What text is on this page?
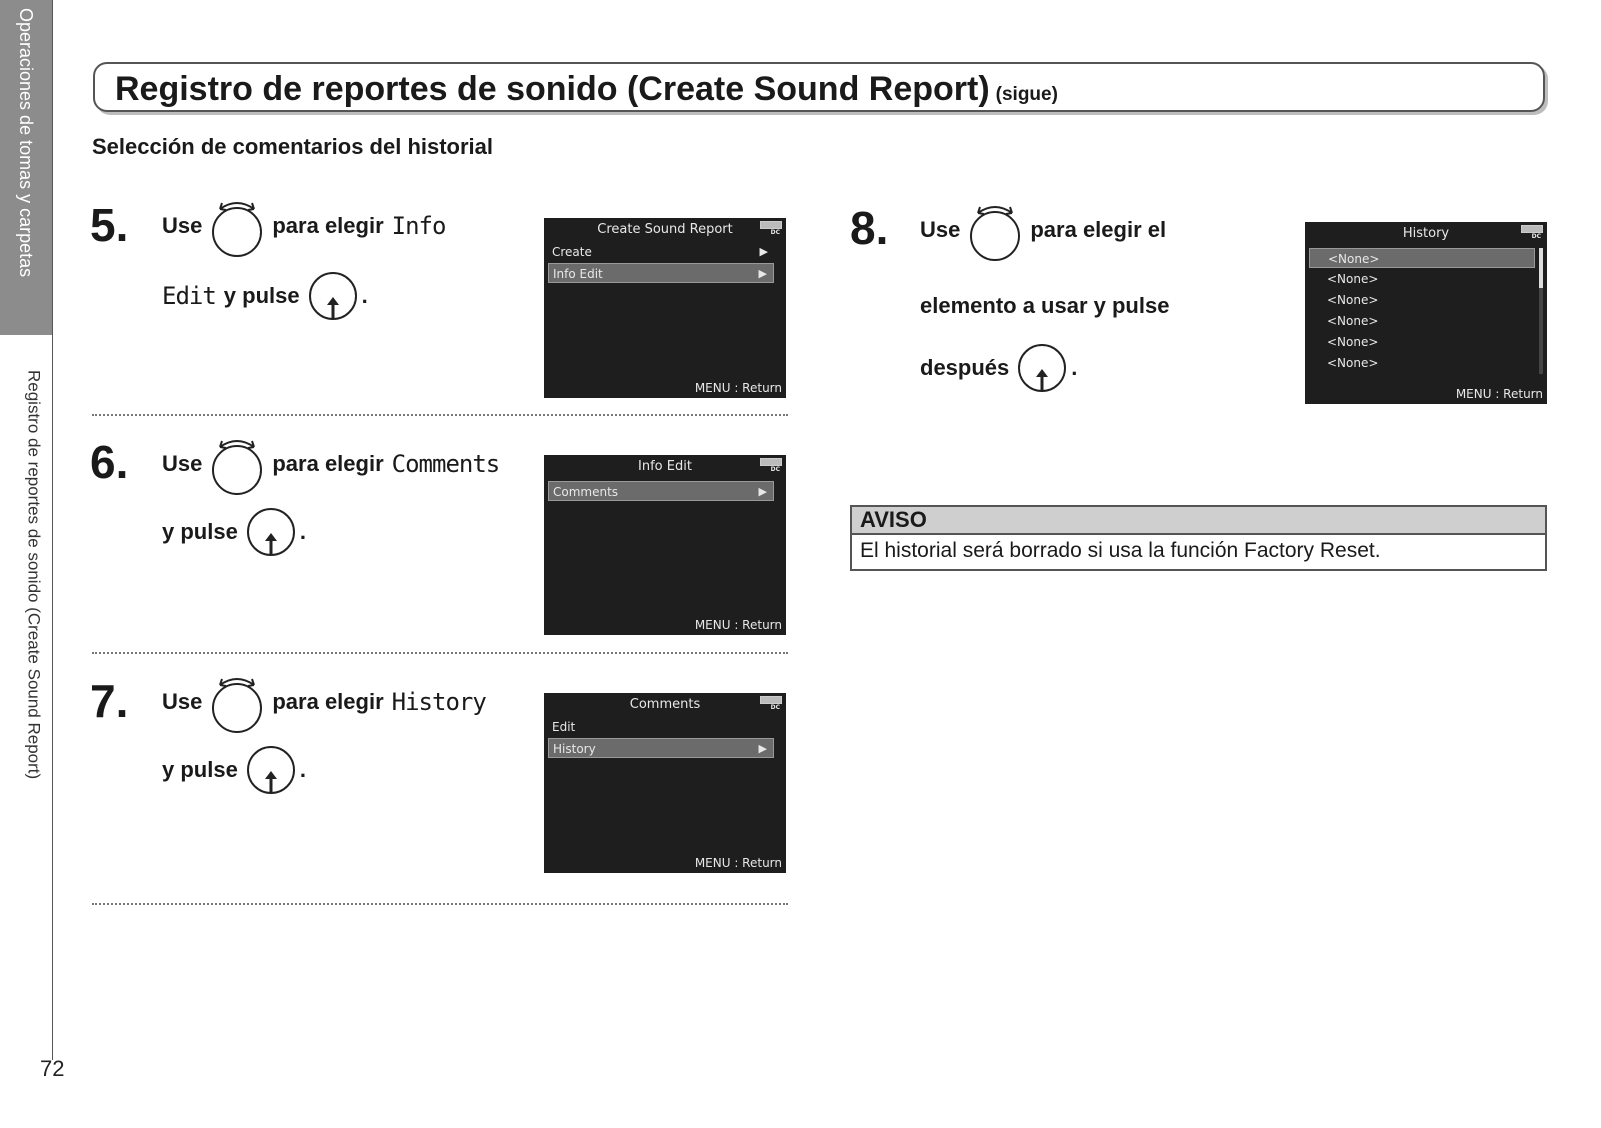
Operaciones de tomas y carpetas
Registro de reportes de sonido (Create Sound Report)
72
Registro de reportes de sonido (Create Sound Report) (sigue)
Selección de comentarios del historial
5. Use	para elegir Info
Edit y pulse	.
Create Sound Report	DC
Create	▶
Info Edit	▶
MENU : Return
6. Use	para elegir Comments
y pulse	.
Info Edit	DC
Comments	▶
MENU : Return
7. Use	para elegir History
y pulse	.
Comments	DC
Edit
History	▶
MENU : Return
8. Use	para elegir el
elemento a usar y pulse
después	.
History	DC
<None>
<None>
<None>
<None>
<None>
<None>
MENU : Return
AVISO
El historial será borrado si usa la función Factory Reset.
